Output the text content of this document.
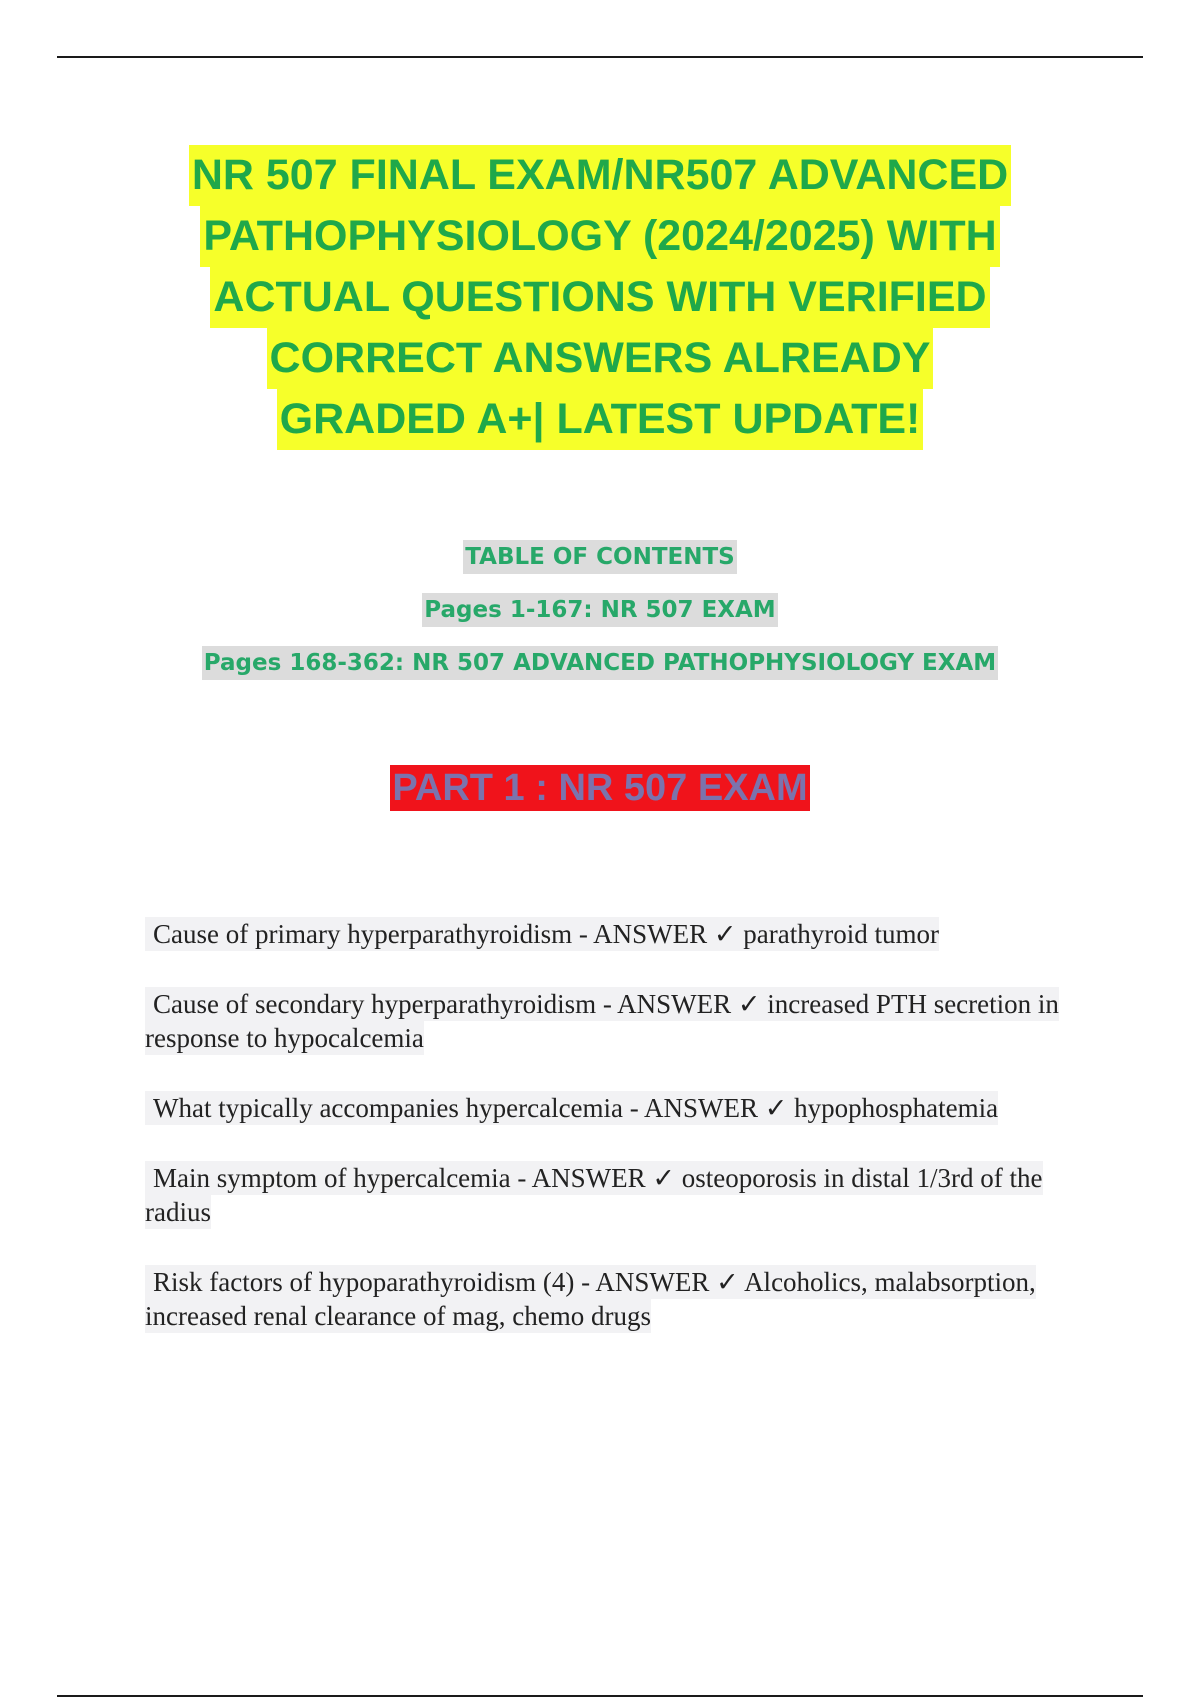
NR 507 FINAL EXAM/NR507 ADVANCED
PATHOPHYSIOLOGY (2024/2025) WITH
ACTUAL QUESTIONS WITH VERIFIED
CORRECT ANSWERS ALREADY
GRADED A+| LATEST UPDATE!
TABLE OF CONTENTS
Pages 1-167: NR 507 EXAM
Pages 168-362: NR 507 ADVANCED PATHOPHYSIOLOGY EXAM
PART 1 : NR 507 EXAM
Cause of primary hyperparathyroidism - ANSWER ✓ parathyroid tumor
Cause of secondary hyperparathyroidism - ANSWER ✓ increased PTH secretion in response to hypocalcemia
What typically accompanies hypercalcemia - ANSWER ✓ hypophosphatemia
Main symptom of hypercalcemia - ANSWER ✓ osteoporosis in distal 1/3rd of the radius
Risk factors of hypoparathyroidism (4) - ANSWER ✓ Alcoholics, malabsorption, increased renal clearance of mag, chemo drugs
